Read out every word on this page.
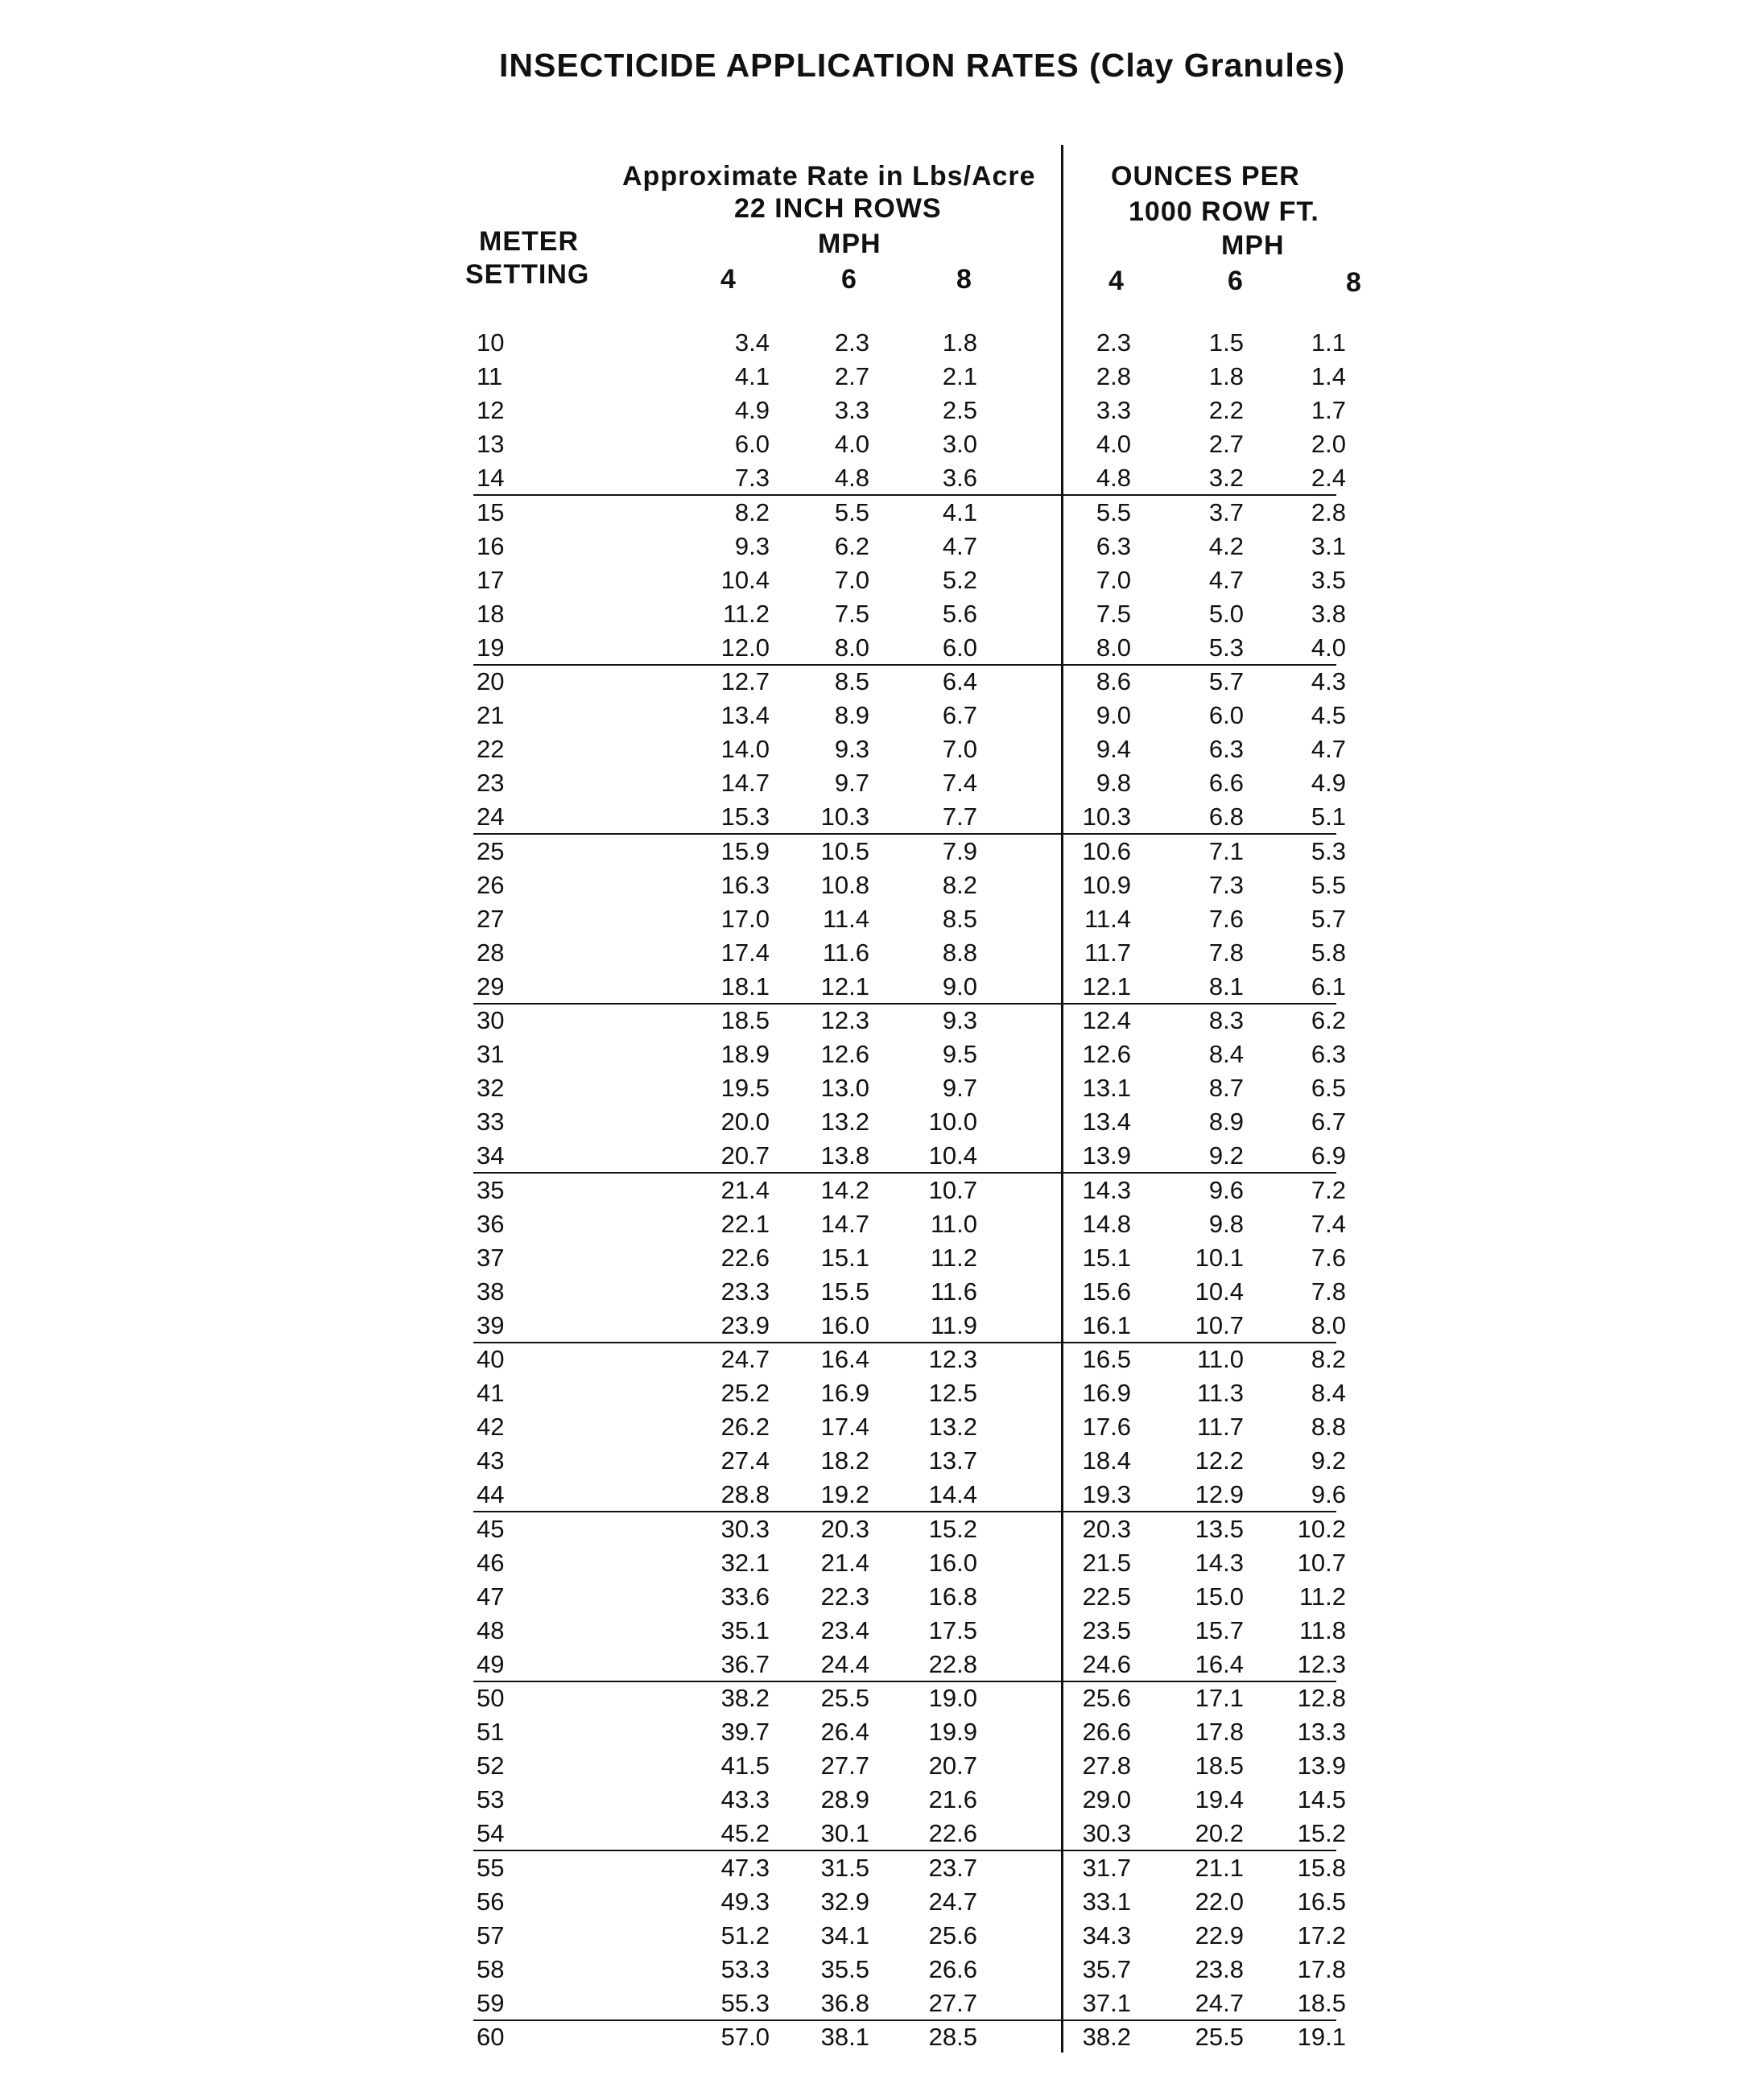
INSECTICIDE APPLICATION RATES (Clay Granules)
METER
SETTING
Approximate Rate in Lbs/Acre
22 INCH ROWS
MPH
4	6	8
OUNCES PER
1000 ROW FT.
MPH
4	6	8
10	3.4	2.3	1.8	2.3	1.5	1.1
11	4.1	2.7	2.1	2.8	1.8	1.4
12	4.9	3.3	2.5	3.3	2.2	1.7
13	6.0	4.0	3.0	4.0	2.7	2.0
14	7.3	4.8	3.6	4.8	3.2	2.4
15	8.2	5.5	4.1	5.5	3.7	2.8
16	9.3	6.2	4.7	6.3	4.2	3.1
17	10.4	7.0	5.2	7.0	4.7	3.5
18	11.2	7.5	5.6	7.5	5.0	3.8
19	12.0	8.0	6.0	8.0	5.3	4.0
20	12.7	8.5	6.4	8.6	5.7	4.3
21	13.4	8.9	6.7	9.0	6.0	4.5
22	14.0	9.3	7.0	9.4	6.3	4.7
23	14.7	9.7	7.4	9.8	6.6	4.9
24	15.3	10.3	7.7	10.3	6.8	5.1
25	15.9	10.5	7.9	10.6	7.1	5.3
26	16.3	10.8	8.2	10.9	7.3	5.5
27	17.0	11.4	8.5	11.4	7.6	5.7
28	17.4	11.6	8.8	11.7	7.8	5.8
29	18.1	12.1	9.0	12.1	8.1	6.1
30	18.5	12.3	9.3	12.4	8.3	6.2
31	18.9	12.6	9.5	12.6	8.4	6.3
32	19.5	13.0	9.7	13.1	8.7	6.5
33	20.0	13.2	10.0	13.4	8.9	6.7
34	20.7	13.8	10.4	13.9	9.2	6.9
35	21.4	14.2	10.7	14.3	9.6	7.2
36	22.1	14.7	11.0	14.8	9.8	7.4
37	22.6	15.1	11.2	15.1	10.1	7.6
38	23.3	15.5	11.6	15.6	10.4	7.8
39	23.9	16.0	11.9	16.1	10.7	8.0
40	24.7	16.4	12.3	16.5	11.0	8.2
41	25.2	16.9	12.5	16.9	11.3	8.4
42	26.2	17.4	13.2	17.6	11.7	8.8
43	27.4	18.2	13.7	18.4	12.2	9.2
44	28.8	19.2	14.4	19.3	12.9	9.6
45	30.3	20.3	15.2	20.3	13.5	10.2
46	32.1	21.4	16.0	21.5	14.3	10.7
47	33.6	22.3	16.8	22.5	15.0	11.2
48	35.1	23.4	17.5	23.5	15.7	11.8
49	36.7	24.4	22.8	24.6	16.4	12.3
50	38.2	25.5	19.0	25.6	17.1	12.8
51	39.7	26.4	19.9	26.6	17.8	13.3
52	41.5	27.7	20.7	27.8	18.5	13.9
53	43.3	28.9	21.6	29.0	19.4	14.5
54	45.2	30.1	22.6	30.3	20.2	15.2
55	47.3	31.5	23.7	31.7	21.1	15.8
56	49.3	32.9	24.7	33.1	22.0	16.5
57	51.2	34.1	25.6	34.3	22.9	17.2
58	53.3	35.5	26.6	35.7	23.8	17.8
59	55.3	36.8	27.7	37.1	24.7	18.5
60	57.0	38.1	28.5	38.2	25.5	19.1
